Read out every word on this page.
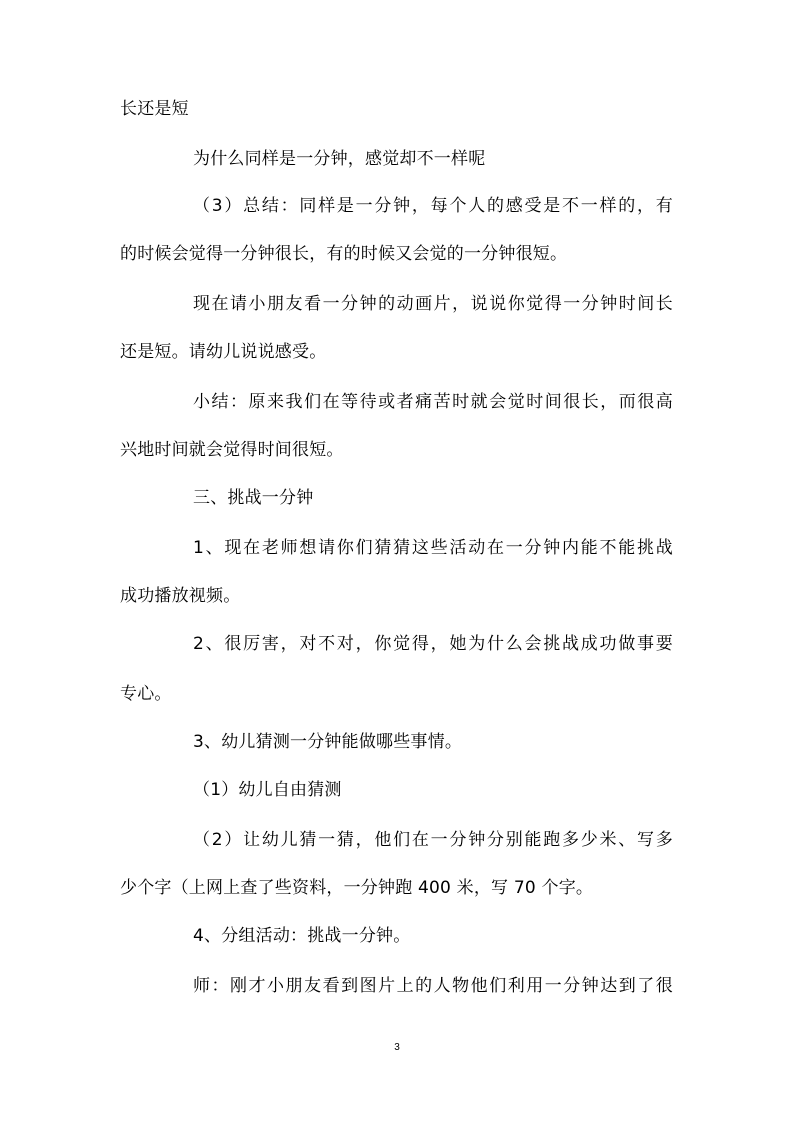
长还是短
为什么同样是一分钟，感觉却不一样呢
（3）总结：同样是一分钟，每个人的感受是不一样的，有
的时候会觉得一分钟很长，有的时候又会觉的一分钟很短。
现在请小朋友看一分钟的动画片，说说你觉得一分钟时间长
还是短。请幼儿说说感受。
小结：原来我们在等待或者痛苦时就会觉时间很长，而很高
兴地时间就会觉得时间很短。
三、挑战一分钟
1、现在老师想请你们猜猜这些活动在一分钟内能不能挑战
成功播放视频。
2、很厉害，对不对，你觉得，她为什么会挑战成功做事要
专心。
3、幼儿猜测一分钟能做哪些事情。
（1）幼儿自由猜测
（2）让幼儿猜一猜，他们在一分钟分别能跑多少米、写多
少个字（上网上查了些资料，一分钟跑 400 米，写 70 个字。
4、分组活动：挑战一分钟。
师：刚才小朋友看到图片上的人物他们利用一分钟达到了很
3
